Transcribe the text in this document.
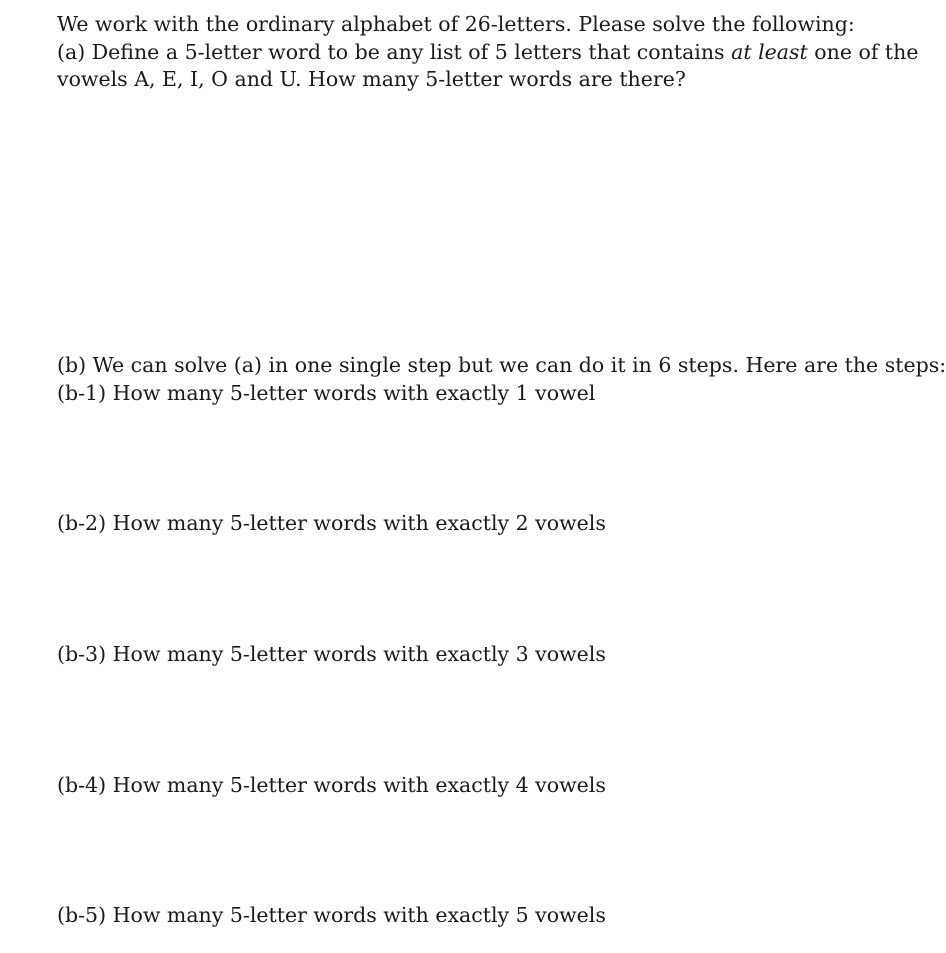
We work with the ordinary alphabet of 26-letters. Please solve the following:
(a) Define a 5-letter word to be any list of 5 letters that contains at least one of the
vowels A, E, I, O and U. How many 5-letter words are there?
(b) We can solve (a) in one single step but we can do it in 6 steps. Here are the steps:
(b-1) How many 5-letter words with exactly 1 vowel
(b-2) How many 5-letter words with exactly 2 vowels
(b-3) How many 5-letter words with exactly 3 vowels
(b-4) How many 5-letter words with exactly 4 vowels
(b-5) How many 5-letter words with exactly 5 vowels
